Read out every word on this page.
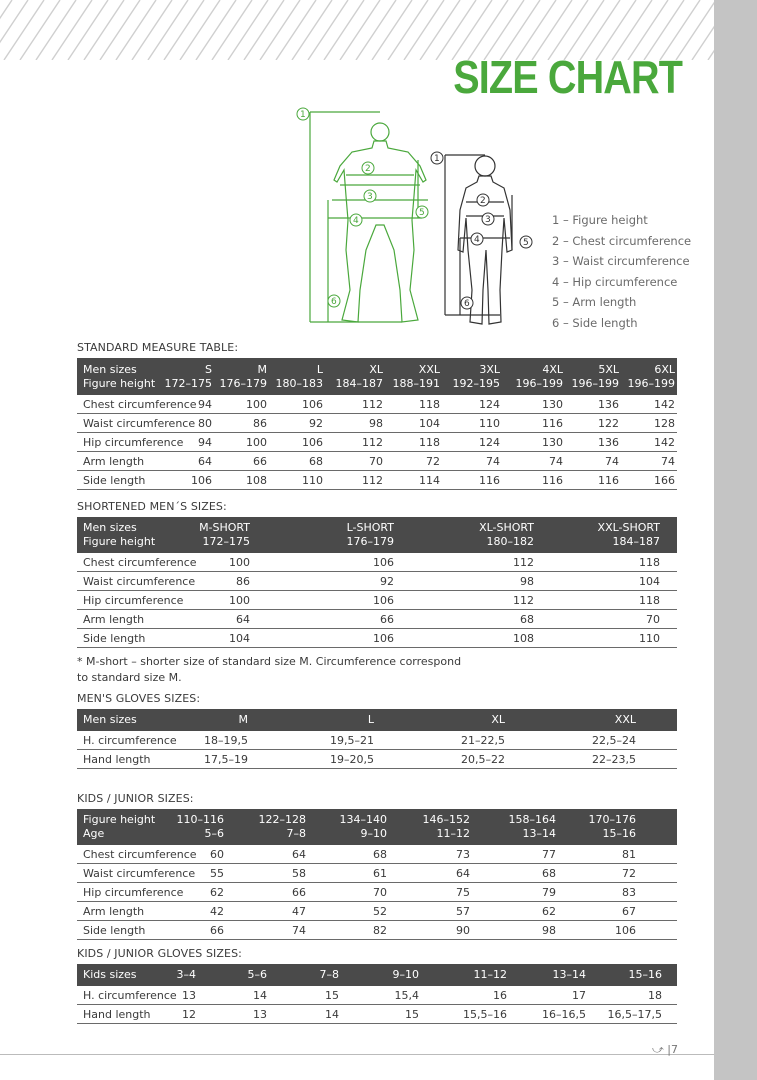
SIZE CHART
1
2
3
4
5
6
1
2
3
4	5
6
1 – Figure height
2 – Chest circumference
3 – Waist circumference
4 – Hip circumference
5 – Arm length
6 – Side length
STANDARD MEASURE TABLE:
Men sizes	S	M	L	XL	XXL	3XL	4XL	5XL	6XL
Figure height 172–175 176–179 180–183 184–187 188–191 192–195 196–199 196–199 196–199
Chest circumference 94	100	106	112	118	124	130	136	142
Waist circumference 80	86	92	98	104	110	116	122	128
Hip circumference 94	100	106	112	118	124	130	136	142
Arm length	64	66	68	70	72	74	74	74	74
Side length	106	108	110	112	114	116	116	116	166
SHORTENED MEN´S SIZES:
Men sizes	M-SHORT	L-SHORT	XL-SHORT	XXL-SHORT
Figure height	172–175	176–179	180–182	184–187
Chest circumference	100	106	112	118
Waist circumference	86	92	98	104
Hip circumference	100	106	112	118
Arm length	64	66	68	70
Side length	104	106	108	110
* M-short – shorter size of standard size M. Circumference correspond
to standard size M.
MEN'S GLOVES SIZES:
Men sizes	M	L	XL	XXL
H. circumference 18–19,5	19,5–21	21–22,5	22,5–24
Hand length	17,5–19	19–20,5	20,5–22	22–23,5
KIDS / JUNIOR SIZES:
Figure height 110–116	122–128	134–140	146–152	158–164	170–176
Age	5–6	7–8	9–10	11–12	13–14	15–16
Chest circumference 60	64	68	73	77	81
Waist circumference 55	58	61	64	68	72
Hip circumference 62	66	70	75	79	83
Arm length	42	47	52	57	62	67
Side length	66	74	82	90	98	106
KIDS / JUNIOR GLOVES SIZES:
Kids sizes	3–4	5–6	7–8	9–10	11–12	13–14	15–16
H. circumference 13	14	15	15,4	16	17	18
Hand length	12	13	14	15	15,5–16	16–16,5 16,5–17,5
⤻ |7
